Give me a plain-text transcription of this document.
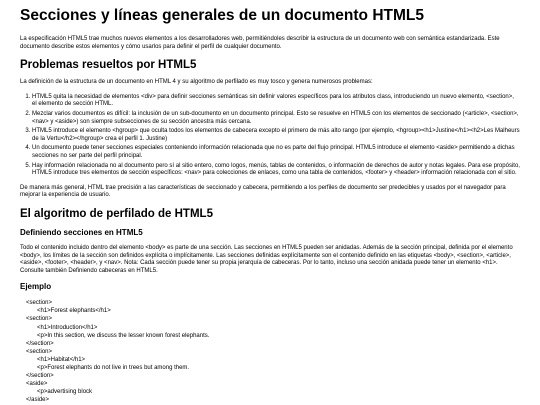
Secciones y líneas generales de un documento HTML5

La especificación HTML5 trae muchos nuevos elementos a los desarrolladores web, permitiéndoles describir la estructura de un documento web con semántica estandarizada. Este documento describe estos elementos y cómo usarlos para definir el perfil de cualquier documento.

Problemas resueltos por HTML5

La definición de la estructura de un documento en HTML 4 y su algoritmo de perfilado es muy tosco y genera numerosos problemas:

1. HTML5 quita la necesidad de elementos <div> para definir secciones semánticas sin definir valores específicos para los atributos class, introduciendo un nuevo elemento, <section>, el elemento de sección HTML.
2. Mezclar varios documentos es difícil: la inclusión de un sub-documento en un documento principal. Esto se resuelve en HTML5 con los elementos de seccionado (<article>, <section>, <nav> y <aside>) son siempre subsecciones de su sección ancestra más cercana.
3. HTML5 introduce el elemento <hgroup> que oculta todos los elementos de cabecera excepto el primero de más alto rango (por ejemplo, <hgroup><h1>Justine</h1><h2>Les Malheurs de la Vertu</h2></hgroup> crea el perfil 1. Justine)
4. Un documento puede tener secciones especiales conteniendo información relacionada que no es parte del flujo principal. HTML5 introduce el elemento <aside> permitiendo a dichas secciones no ser parte del perfil principal.
5. Hay información relacionada no al documento pero sí al sitio entero, como logos, menús, tablas de contenidos, o información de derechos de autor y notas legales. Para ese propósito, HTML5 introduce tres elementos de sección específicos: <nav> para colecciones de enlaces, como una tabla de contenidos, <footer> y <header> información relacionada con el sitio.

De manera más general, HTML trae precisión a las características de seccionado y cabecera, permitiendo a los perfiles de documento ser predecibles y usados por el navegador para mejorar la experiencia de usuario.

El algoritmo de perfilado de HTML5
Definiendo secciones en HTML5

Todo el contenido incluido dentro del elemento <body> es parte de una sección. Las secciones en HTML5 pueden ser anidadas. Además de la sección principal, definida por el elemento <body>, los límites de la sección son definidos explícita o implícitamente. Las secciones definidas explícitamente son el contenido definido en las etiquetas <body>, <section>, <article>, <aside>, <footer>, <header>, y <nav>. Nota: Cada sección puede tener su propia jerarquía de cabeceras. Por lo tanto, incluso una sección anidada puede tener un elemento <h1>. Consulte también Definiendo cabeceras en HTML5.

Ejemplo
<section>
<h1>Forest elephants</h1>
<section>
<h1>Introduction</h1>
<p>In this section, we discuss the lesser known forest elephants.
</section>
<section>
<h1>Habitat</h1>
<p>Forest elephants do not live in trees but among them.
</section>
<aside>
<p>advertising block
</aside>
